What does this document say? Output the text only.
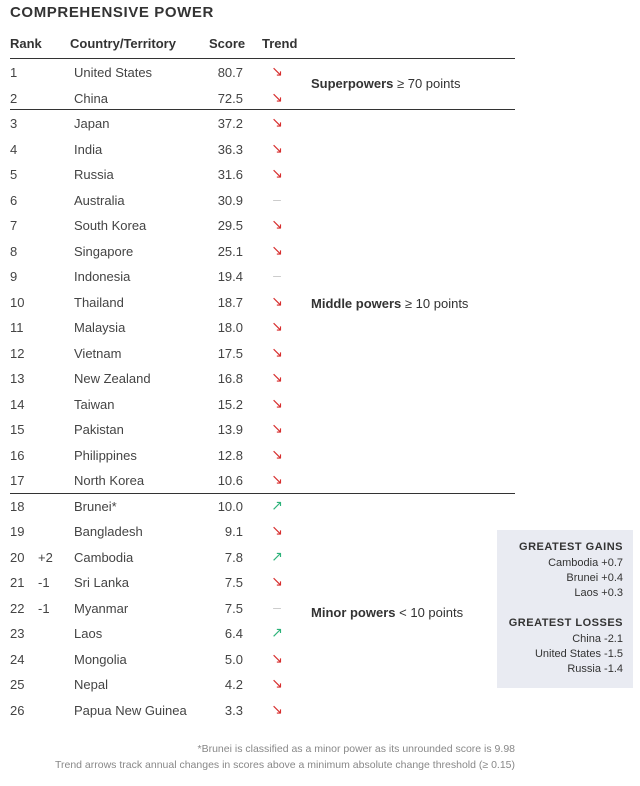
COMPREHENSIVE POWER
Rank Country/Territory	Score Trend
1	United States	80.7 ↘
2	China	72.5 ↘
3	Japan	37.2 ↘
4	India	36.3 ↘
5	Russia	31.6 ↘
6	Australia	30.9	–
7	South Korea	29.5 ↘
8	Singapore	25.1 ↘
9	Indonesia	19.4	–
10	Thailand	18.7 ↘
11	Malaysia	18.0 ↘
12	Vietnam	17.5 ↘
13	New Zealand	16.8 ↘
14	Taiwan	15.2 ↘
15	Pakistan	13.9 ↘
16	Philippines	12.8 ↘
17	North Korea	10.6 ↘
18	Brunei*	10.0 ↗
19	Bangladesh	9.1 ↘
20 +2 Cambodia	7.8 ↗
21 -1 Sri Lanka	7.5 ↘
22 -1 Myanmar	7.5	–
23	Laos	6.4 ↗
24	Mongolia	5.0 ↘
25	Nepal	4.2 ↘
26	Papua New Guinea	3.3 ↘
Superpowers ≥ 70 points
Middle powers ≥ 10 points
Minor powers < 10 points
GREATEST GAINS
Cambodia +0.7
Brunei +0.4
Laos +0.3
GREATEST LOSSES
China -2.1
United States -1.5
Russia -1.4
*Brunei is classified as a minor power as its unrounded score is 9.98
Trend arrows track annual changes in scores above a minimum absolute change threshold (≥ 0.15)
